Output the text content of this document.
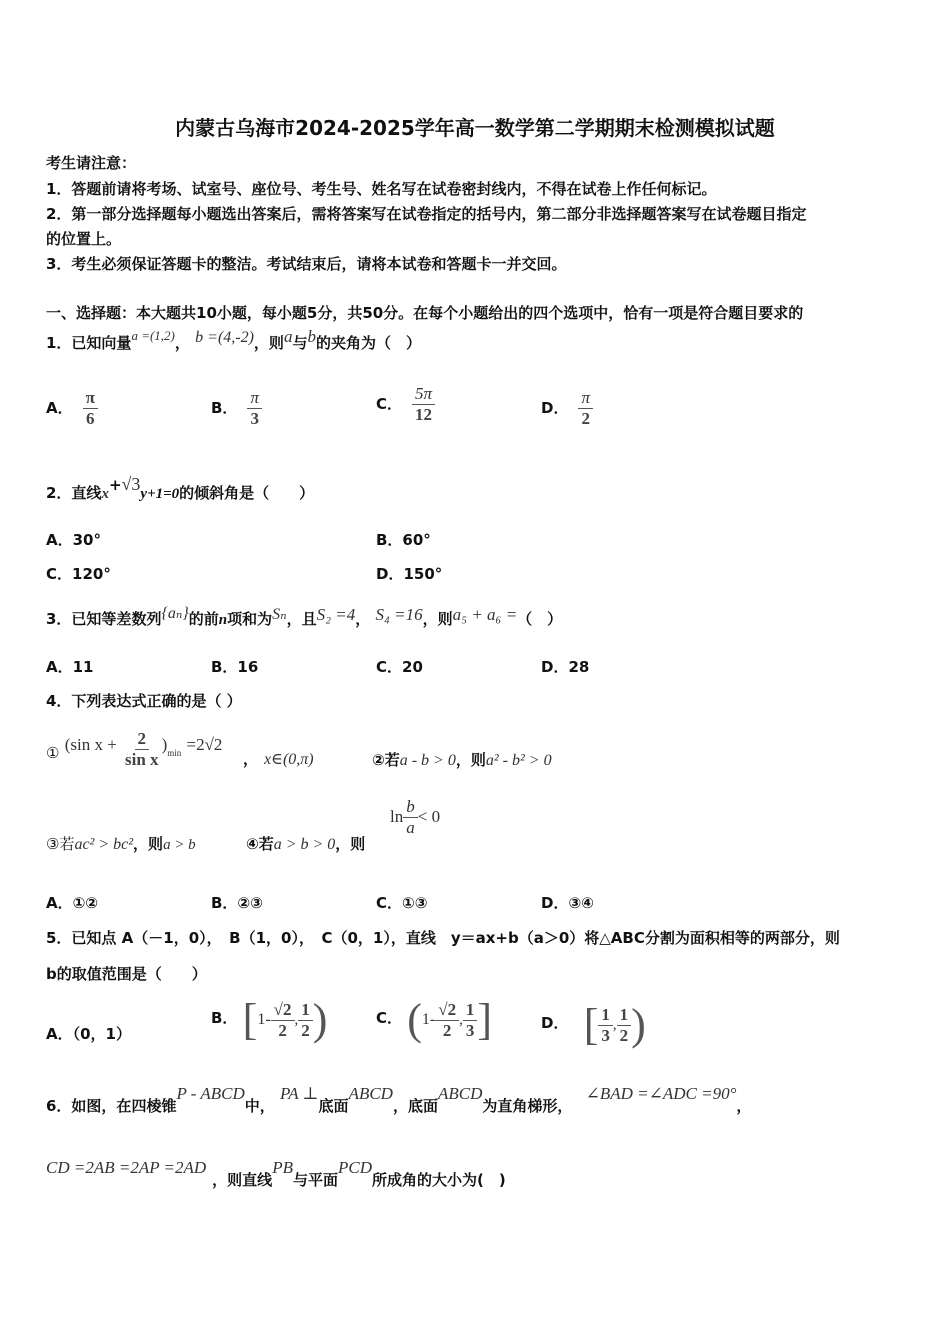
内蒙古乌海市2024-2025学年高一数学第二学期期末检测模拟试题
考生请注意：
1．答题前请将考场、试室号、座位号、考生号、姓名写在试卷密封线内，不得在试卷上作任何标记。
2．第一部分选择题每小题选出答案后，需将答案写在试卷指定的括号内，第二部分非选择题答案写在试卷题目指定
的位置上。
3．考生必须保证答题卡的整洁。考试结束后，请将本试卷和答题卡一并交回。
一、选择题：本大题共10小题，每小题5分，共50分。在每个小题给出的四个选项中，恰有一项是符合题目要求的
1．已知向量a =(1,2)， b =(4,-2)，则a与b的夹角为（　）
A． $\frac{\pi}{6}$	B． $\frac{\pi}{3}$	C． $\frac{5\pi}{12}$	D． $\frac{\pi}{2}$
2．直线x+√3y+1=0的倾斜角是（　　）
A．30°	B．60°
C．120°	D．150°
3．已知等差数列{aₙ}的前n项和为Sₙ，且S₂ =4， S₄ =16，则a₅ + a₆ =（　）
A．11	B．16	C．20	D．28
4．下列表达式正确的是（ ）
① (sin $x + \frac{2}{\text{sin x}} )_{min} =2√2$
， x∈(0,π)	②若a - b > 0，则a² - b² > 0
③若ac² > bc²，则a > b	④若a > b > 0，则
$\ln \frac{b}{a} < 0$
A．①②	B．②③	C．①③	D．③④
5．已知点 A（－1，0），　B（1，0），　C（0，1），直线　y＝ax+b（a＞0）将△ABC分割为面积相等的两部分，则
b的取值范围是（　　）
A．（0，1）
B． [ $1- \frac{√2}{2}$ , $\frac{1}{2}$ )	C． ( $1- \frac{√2}{2}$ , $\frac{1}{3}$ ]	D． [ $\frac{1}{3}$ , $\frac{1}{2}$ )
6．如图，在四棱锥P - ABCD中， PA ⊥底面ABCD，底面ABCD为直角梯形， ∠BAD =∠ADC =90°，
CD =2AB =2AP =2AD，则直线PB与平面PCD所成角的大小为(　)
